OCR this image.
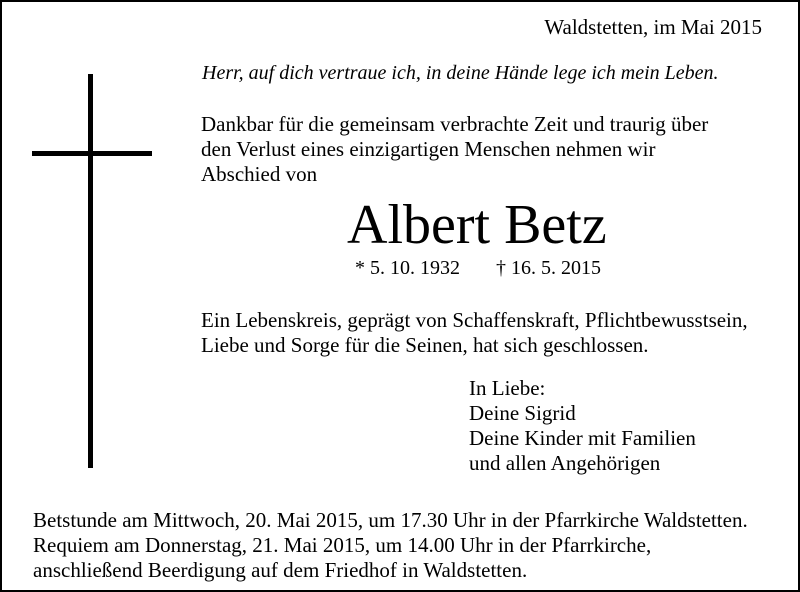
Waldstetten, im Mai 2015
Herr, auf dich vertraue ich, in deine Hände lege ich mein Leben.
Dankbar für die gemeinsam verbrachte Zeit und traurig über
den Verlust eines einzigartigen Menschen nehmen wir
Abschied von
Albert Betz
* 5. 10. 1932 † 16. 5. 2015
Ein Lebenskreis, geprägt von Schaffenskraft, Pflichtbewusstsein,
Liebe und Sorge für die Seinen, hat sich geschlossen.
In Liebe:
Deine Sigrid
Deine Kinder mit Familien
und allen Angehörigen
Betstunde am Mittwoch, 20. Mai 2015, um 17.30 Uhr in der Pfarrkirche Waldstetten.
Requiem am Donnerstag, 21. Mai 2015, um 14.00 Uhr in der Pfarrkirche,
anschließend Beerdigung auf dem Friedhof in Waldstetten.
